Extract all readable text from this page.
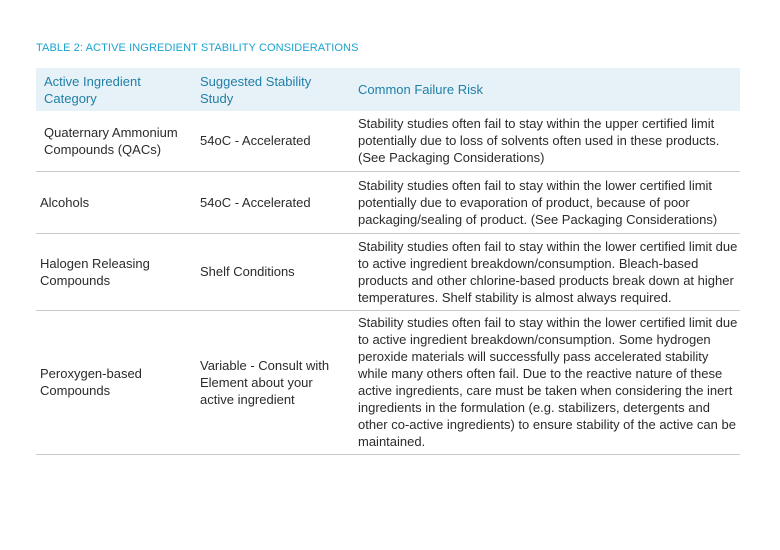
TABLE 2: ACTIVE INGREDIENT STABILITY CONSIDERATIONS
Active Ingredient Category	Suggested Stability Study	Common Failure Risk
Quaternary Ammonium Compounds (QACs)	54oC - Accelerated	Stability studies often fail to stay within the upper certified limit potentially due to loss of solvents often used in these products. (See Packaging Considerations)
Alcohols	54oC - Accelerated	Stability studies often fail to stay within the lower certified limit potentially due to evaporation of product, because of poor packaging/sealing of product. (See Packaging Considerations)
Halogen Releasing Compounds	Shelf Conditions	Stability studies often fail to stay within the lower certified limit due to active ingredient breakdown/consumption. Bleach-based products and other chlorine-based products break down at higher temperatures. Shelf stability is almost always required.
Peroxygen-based Compounds	Variable - Consult with Element about your active ingredient	Stability studies often fail to stay within the lower certified limit due to active ingredient breakdown/consumption. Some hydrogen peroxide materials will successfully pass accelerated stability while many others often fail. Due to the reactive nature of these active ingredients, care must be taken when considering the inert ingredients in the formulation (e.g. stabilizers, detergents and other co-active ingredients) to ensure stability of the active can be maintained.
